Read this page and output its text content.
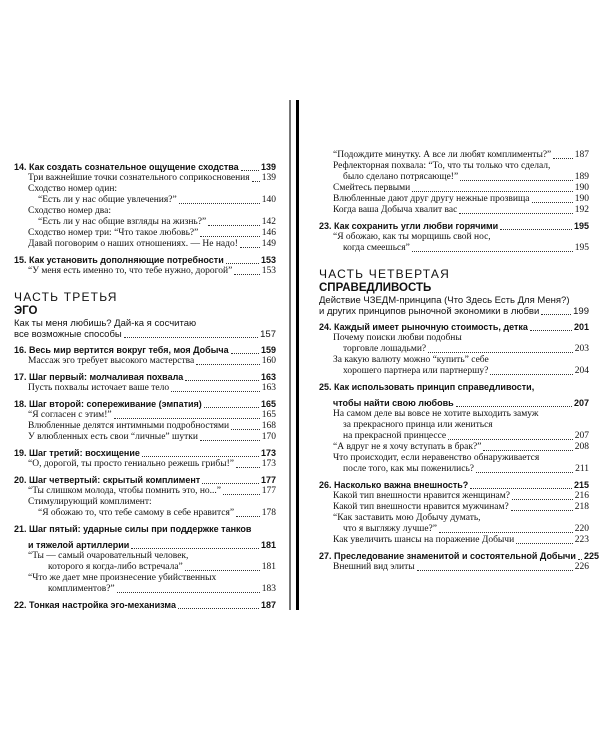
14. Как создать сознательное ощущение сходства 139
Три важнейшие точки сознательного соприкосновения 139
Сходство номер один:
“Есть ли у нас общие увлечения?”	140
Сходство номер два:
“Есть ли у нас общие взгляды на жизнь?”	142
Сходство номер три: “Что такое любовь?”	146
Давай поговорим о наших отношениях. — Не надо!	149
15. Как установить дополняющие потребности	153
“У меня есть именно то, что тебе нужно, дорогой”	153
ЧАСТЬ ТРЕТЬЯ
ЭГО
Как ты меня любишь? Дай-ка я сосчитаю
все возможные способы	157
16. Весь мир вертится вокруг тебя, моя Добыча	159
Массаж эго требует высокого мастерства	160
17. Шаг первый: молчаливая похвала	163
Пусть похвалы источает ваше тело	163
18. Шаг второй: сопереживание (эмпатия)	165
“Я согласен с этим!”	165
Влюбленные делятся интимными подробностями	168
У влюбленных есть свои “личные” шутки	170
19. Шаг третий: восхищение	173
“О, дорогой, ты просто гениально режешь грибы!”	173
20. Шаг четвертый: скрытый комплимент	177
“Ты слишком молода, чтобы помнить это, но...”	177
Стимулирующий комплимент:
“Я обожаю то, что тебе самому в себе нравится”	178
21. Шаг пятый: ударные силы при поддержке танков
и тяжелой артиллерии	181
“Ты — самый очаровательный человек,
которого я когда-либо встречала”	181
“Что же дает мне произнесение убийственных
комплиментов?”	183
22. Тонкая настройка эго-механизма	187
“Подождите минутку. А все ли любят комплименты?” 187
Рефлекторная похвала: “То, что ты только что сделал,
было сделано потрясающе!”	189
Смейтесь первыми	190
Влюбленные дают друг другу нежные прозвища	190
Когда ваша Добыча хвалит вас	192
23. Как сохранить угли любви горячими	195
“Я обожаю, как ты морщишь свой нос,
когда смеешься”	195
ЧАСТЬ ЧЕТВЕРТАЯ
СПРАВЕДЛИВОСТЬ
Действие ЧЗЕДМ-принципа (Что Здесь Есть Для Меня?)
и других принципов рыночной экономики в любви	199
24. Каждый имеет рыночную стоимость, детка	201
Почему поиски любви подобны
торговле лошадьми?	203
За какую валюту можно “купить” себе
хорошего партнера или партнершу?	204
25. Как использовать принцип справедливости,
чтобы найти свою любовь	207
На самом деле вы вовсе не хотите выходить замуж
за прекрасного принца или жениться
на прекрасной принцессе	207
“А вдруг не я хочу вступать в брак?”	208
Что происходит, если неравенство обнаруживается
после того, как мы поженились?	211
26. Насколько важна внешность?	215
Какой тип внешности нравится женщинам?	216
Какой тип внешности нравится мужчинам?	218
“Как заставить мою Добычу думать,
что я выгляжу лучше?”	220
Как увеличить шансы на поражение Добычи	223
27. Преследование знаменитой и состоятельной Добычи 225
Внешний вид элиты	226
